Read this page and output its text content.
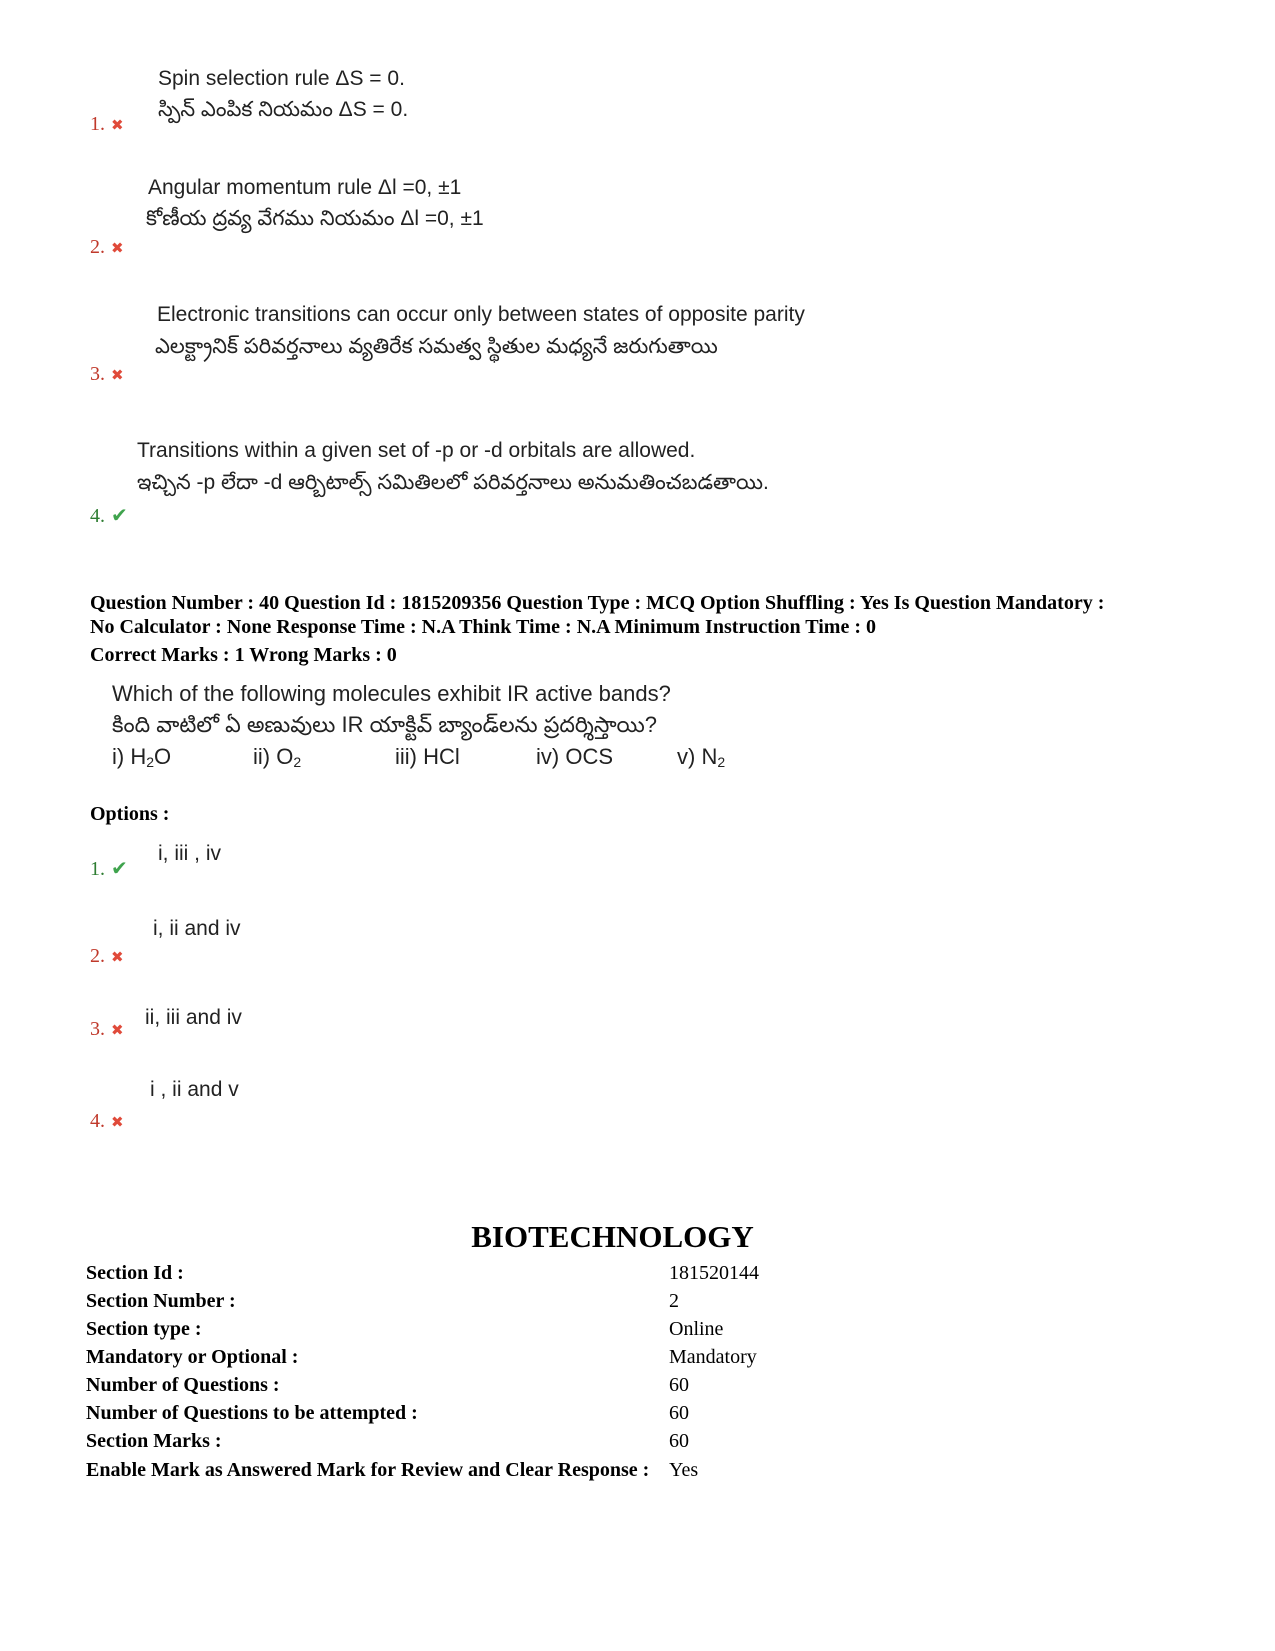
Spin selection rule ΔS = 0.
స్పిన్ ఎంపిక నియమం ΔS = 0.
1. ✖
Angular momentum rule Δl =0, ±1
కోణీయ ద్రవ్య వేగము నియమం Δl =0, ±1
2. ✖
Electronic transitions can occur only between states of opposite parity
ఎలక్ట్రానిక్ పరివర్తనాలు వ్యతిరేక సమత్వ స్థితుల మధ్యనే జరుగుతాయి
3. ✖
Transitions within a given set of -p or -d orbitals are allowed.
ఇచ్చిన -p లేదా -d ఆర్బిటాల్స్ సమితిలలో పరివర్తనాలు అనుమతించబడతాయి.
4. ✔
Question Number : 40 Question Id : 1815209356 Question Type : MCQ Option Shuffling : Yes Is Question Mandatory :
No Calculator : None Response Time : N.A Think Time : N.A Minimum Instruction Time : 0
Correct Marks : 1 Wrong Marks : 0
Which of the following molecules exhibit IR active bands?
కింది వాటిలో ఏ అణువులు IR యాక్టివ్ బ్యాండ్‌లను ప్రదర్శిస్తాయి?
i) $H_2O$	ii) $O_2$	iii) HCl	iv) OCS	v) $N_2$
Options :
i, iii , iv
1. ✔
i, ii and iv
2. ✖
ii, iii and iv
3. ✖
i , ii and v
4. ✖
BIOTECHNOLOGY
Section Id :	181520144
Section Number :	2
Section type :	Online
Mandatory or Optional :	Mandatory
Number of Questions :	60
Number of Questions to be attempted :	60
Section Marks :	60
Enable Mark as Answered Mark for Review and Clear Response : Yes
